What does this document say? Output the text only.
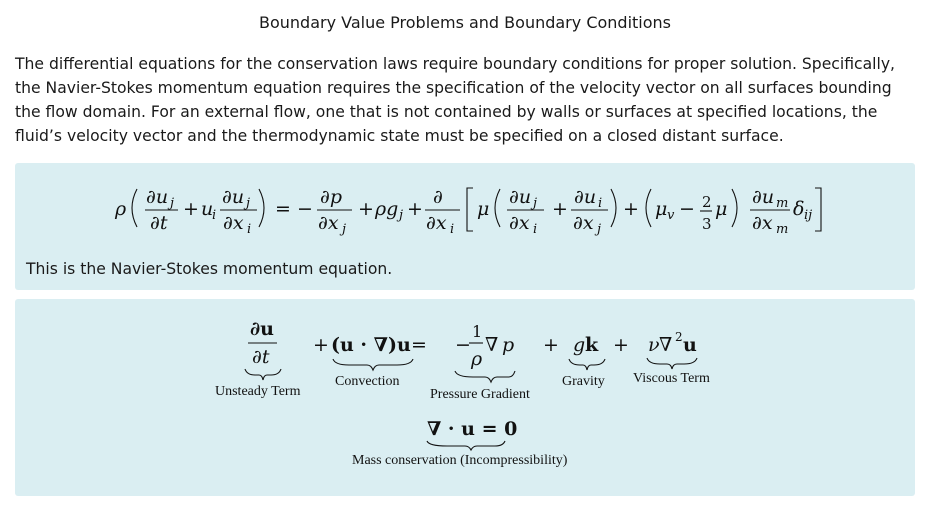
Boundary Value Problems and Boundary Conditions
The differential equations for the conservation laws require boundary conditions for proper solution. Specifically, the Navier-Stokes momentum equation requires the specification of the velocity vector on all surfaces bounding the flow domain. For an external flow, one that is not contained by walls or surfaces at specified locations, the fluid’s velocity vector and the thermodynamic state must be specified on a closed distant surface.
ρ
∂u j
∂t
+ u
i
∂u j
∂x i
= −
∂p
∂x j
+ ρg j +
∂
∂x i
μ
∂u j
∂x i
+
∂u i
∂x j
+ μ v − 2
3
μ
∂u m
∂x m
δ ij
This is the Navier-Stokes momentum equation.
∂u
∂t
Unsteady Term
+ (u · ∇)u =
Convection
−
1
ρ
∇ p
Pressure Gradient
+ g k
Gravity
+ ν ∇ 2 u
Viscous Term
∇ · u = 0
Mass conservation (Incompressibility)
